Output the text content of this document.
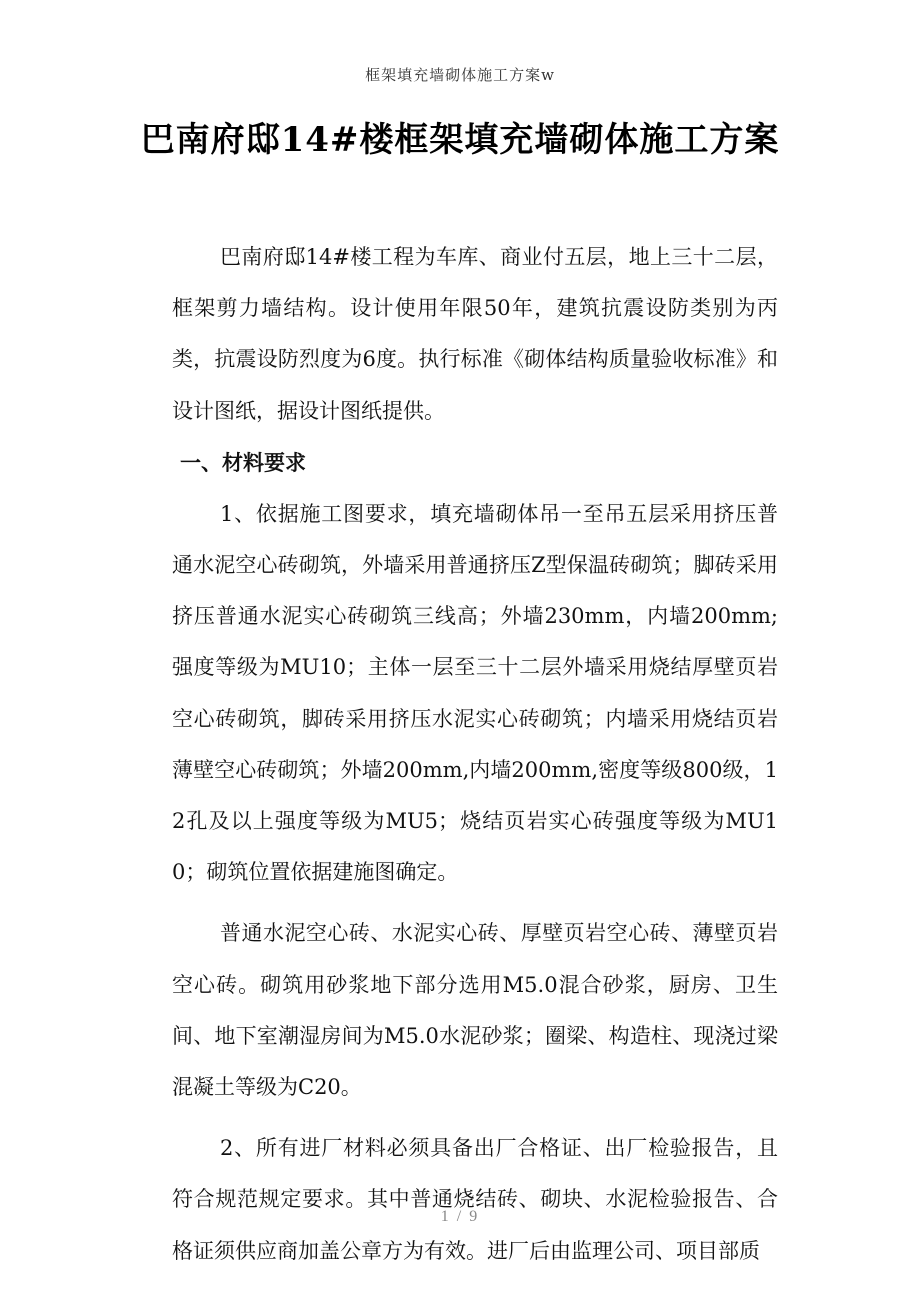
框架填充墙砌体施工方案w
巴南府邸14#楼框架填充墙砌体施工方案

巴南府邸14#楼工程为车库、商业付五层，地上三十二层，框架剪力墙结构。设计使用年限50年，建筑抗震设防类别为丙类，抗震设防烈度为6度。执行标准《砌体结构质量验收标准》和设计图纸，据设计图纸提供。

一、材料要求

1、依据施工图要求，填充墙砌体吊一至吊五层采用挤压普通水泥空心砖砌筑，外墙采用普通挤压Z型保温砖砌筑；脚砖采用挤压普通水泥实心砖砌筑三线高；外墙230mm，内墙200mm;强度等级为MU10；主体一层至三十二层外墙采用烧结厚壁页岩空心砖砌筑，脚砖采用挤压水泥实心砖砌筑；内墙采用烧结页岩薄壁空心砖砌筑；外墙200mm,内墙200mm,密度等级800级，12孔及以上强度等级为MU5；烧结页岩实心砖强度等级为MU10；砌筑位置依据建施图确定。

普通水泥空心砖、水泥实心砖、厚壁页岩空心砖、薄壁页岩空心砖。砌筑用砂浆地下部分选用M5.0混合砂浆，厨房、卫生间、地下室潮湿房间为M5.0水泥砂浆；圈梁、构造柱、现浇过梁混凝土等级为C20。

2、所有进厂材料必须具备出厂合格证、出厂检验报告，且符合规范规定要求。其中普通烧结砖、砌块、水泥检验报告、合格证须供应商加盖公章方为有效。进厂后由监理公司、项目部质

1 / 9
